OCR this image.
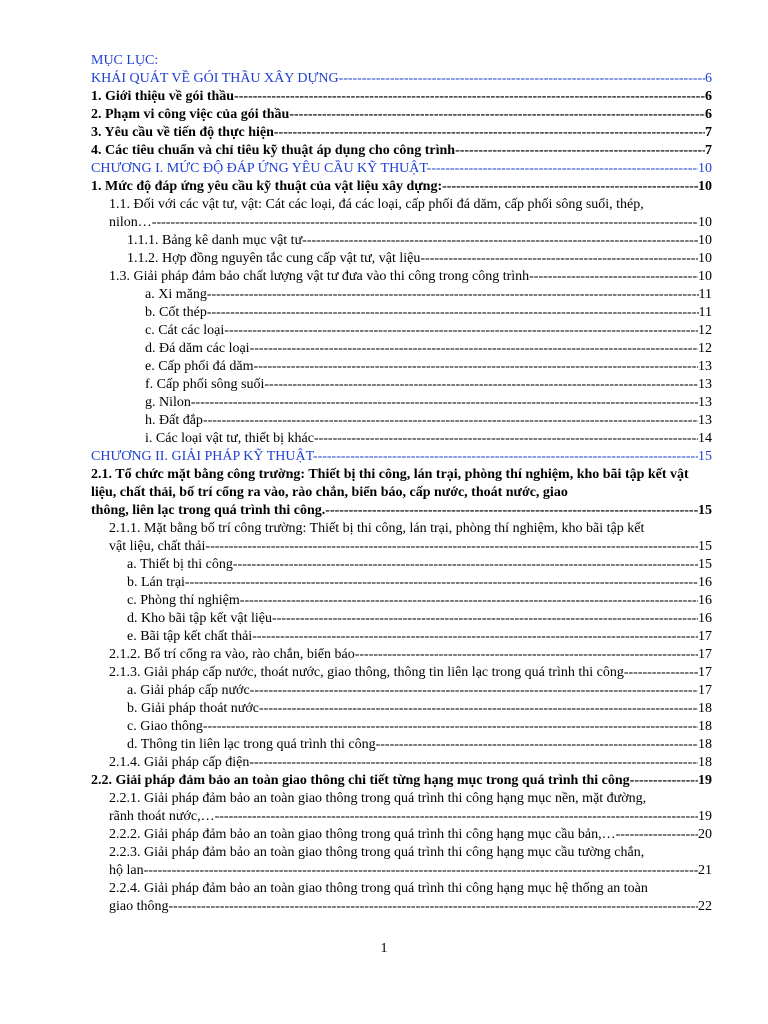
MỤC LỤC:
KHÁI QUÁT VỀ GÓI THẦU XÂY DỰNG -----	6
1. Giới thiệu về gói thầu -----	6
2. Phạm vi công việc của gói thầu -----	6
3. Yêu cầu về tiến độ thực hiện -----	7
4. Các tiêu chuẩn và chỉ tiêu kỹ thuật áp dụng cho công trình -----	7
CHƯƠNG I. MỨC ĐỘ ĐÁP ỨNG YÊU CẦU KỸ THUẬT -----	10
1. Mức độ đáp ứng yêu cầu kỹ thuật của vật liệu xây dựng: -----	10
1.1. Đối với các vật tư, vật: Cát các loại, đá các loại, cấp phối đá dăm, cấp phối sông suối, thép,
nilon… -----	10
1.1.1. Bảng kê danh mục vật tư -----	10
1.1.2. Hợp đồng nguyên tắc cung cấp vật tư, vật liệu -----	10
1.3. Giải pháp đảm bảo chất lượng vật tư đưa vào thi công trong công trình -----	10
a. Xi măng -----	11
b. Cốt thép -----	11
c. Cát các loại -----	12
d. Đá dăm các loại -----	12
e. Cấp phối đá dăm -----	13
f. Cấp phối sông suối -----	13
g. Nilon -----	13
h. Đất đắp -----	13
i. Các loại vật tư, thiết bị khác -----	14
CHƯƠNG II. GIẢI PHÁP KỸ THUẬT -----	15
2.1. Tổ chức mặt bằng công trường: Thiết bị thi công, lán trại, phòng thí nghiệm, kho bãi tập kết vật liệu, chất thải, bố trí cổng ra vào, rào chắn, biển báo, cấp nước, thoát nước, giao
thông, liên lạc trong quá trình thi công. -----	15
2.1.1. Mặt bằng bố trí công trường: Thiết bị thi công, lán trại, phòng thí nghiệm, kho bãi tập kết
vật liệu, chất thải -----	15
a. Thiết bị thi công -----	15
b. Lán trại -----	16
c. Phòng thí nghiệm -----	16
d. Kho bãi tập kết vật liệu -----	16
e. Bãi tập kết chất thải -----	17
2.1.2. Bố trí cổng ra vào, rào chắn, biển báo -----	17
2.1.3. Giải pháp cấp nước, thoát nước, giao thông, thông tin liên lạc trong quá trình thi công -----	17
a. Giải pháp cấp nước -----	17
b. Giải pháp thoát nước -----	18
c. Giao thông -----	18
d. Thông tin liên lạc trong quá trình thi công -----	18
2.1.4. Giải pháp cấp điện -----	18
2.2. Giải pháp đảm bảo an toàn giao thông chi tiết từng hạng mục trong quá trình thi công -----	19
2.2.1. Giải pháp đảm bảo an toàn giao thông trong quá trình thi công hạng mục nền, mặt đường,
rãnh thoát nước,… -----	19
2.2.2. Giải pháp đảm bảo an toàn giao thông trong quá trình thi công hạng mục cầu bản,… -----	20
2.2.3. Giải pháp đảm bảo an toàn giao thông trong quá trình thi công hạng mục cầu tường chắn,
hộ lan -----	21
2.2.4. Giải pháp đảm bảo an toàn giao thông trong quá trình thi công hạng mục hệ thống an toàn
giao thông -----	22
1
